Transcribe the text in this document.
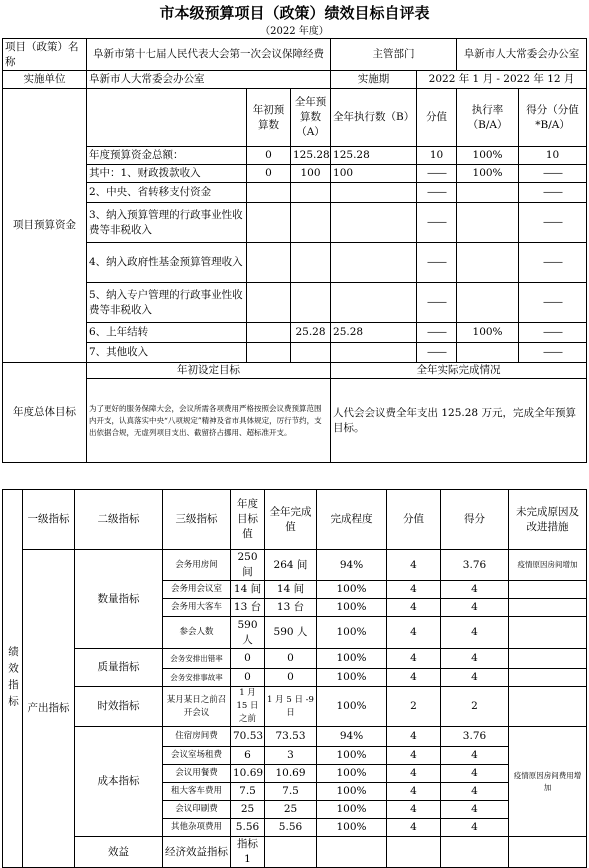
市本级预算项目（政策）绩效目标自评表
（2022 年度）
项目（政策）名称	阜新市第十七届人民代表大会第一次会议保障经费			主管部门		阜新市人大常委会办公室	
实施单位	阜新市人大常委会办公室			实施期	2022 年 1 月 - 2022 年 12 月		
项目预算资金		年初预算数	全年预算数（A）	全年执行数（B）	分值	执行率（B/A）	得分（分值*B/A）
	年度预算资金总额：	0	125.28	125.28	10	100%	10
	其中：1、财政拨款收入	0	100	100	——	100%	——
	2、中央、省转移支付资金				——		——
	3、纳入预算管理的行政事业性收费等非税收入				——		——
	4、纳入政府性基金预算管理收入				——		——
	5、纳入专户管理的行政事业性收费等非税收入				——		——
	6、上年结转		25.28	25.28	——	100%	——
	7、其他收入				——		——
年度总体目标	年初设定目标			全年实际完成情况			
	为了更好的服务保障大会，会议所需各项费用严格按照会议费预算范围内开支，认真落实中央“八项规定”精神及省市具体规定，厉行节约，支出依据合规，无虚列项目支出、截留挤占挪用、超标准开支。			人代会会议费全年支出 125.28 万元，完成全年预算目标。			
绩效指标	一级指标	二级指标	三级指标	年度目标值	全年完成值	完成程度	分值	得分	未完成原因及改进措施	
	产出指标	数量指标	会务用房间	250 间	264 间	94%	4	3.76	疫情原因房间增加	
			会务用会议室	14 间	14 间	100%	4	4		
			会务用大客车	13 台	13 台	100%	4	4		
			参会人数	590 人	590 人	100%	4	4		
		质量指标	会务安排出错率	0	0	100%	4	4		
			会务安排事故率	0	0	100%	4	4		
		时效指标	某月某日之前召开会议	1 月 15 日之前	1 月 5 日 -9 日	100%	2	2		
		成本指标	住宿房间费	70.53	73.53	94%	4	3.76	疫情原因房间费用增加	
			会议室场租费	6	3	100%	4	4		
			会议用餐费	10.69	10.69	100%	4	4		
			租大客车费用	7.5	7.5	100%	4	4		
			会议印刷费	25	25	100%	4	4		
			其他杂项费用	5.56	5.56	100%	4	4		
		效益	经济效益指标	指标 1						
